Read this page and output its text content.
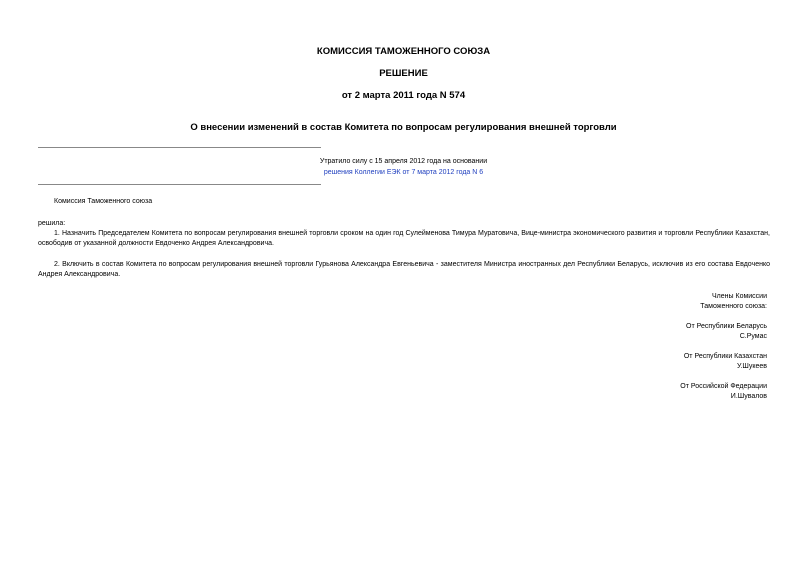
КОМИССИЯ ТАМОЖЕННОГО СОЮЗА
РЕШЕНИЕ
от 2 марта 2011 года N 574
О внесении изменений в состав Комитета по вопросам регулирования внешней торговли
Утратило силу с 15 апреля 2012 года на основании
решения Коллегии ЕЭК от 7 марта 2012 года N 6
Комиссия Таможенного союза
решила:
1. Назначить Председателем Комитета по вопросам регулирования внешней торговли сроком на один год Сулейменова Тимура Муратовича, Вице-министра экономического развития и торговли Республики Казахстан, освободив от указанной должности Евдоченко Андрея Александровича.
2. Включить в состав Комитета по вопросам регулирования внешней торговли Гурьянова Александра Евгеньевича - заместителя Министра иностранных дел Республики Беларусь, исключив из его состава Евдоченко Андрея Александровича.
Члены Комиссии
Таможенного союза:
От Республики Беларусь
С.Румас
От Республики Казахстан
У.Шукеев
От Российской Федерации
И.Шувалов
